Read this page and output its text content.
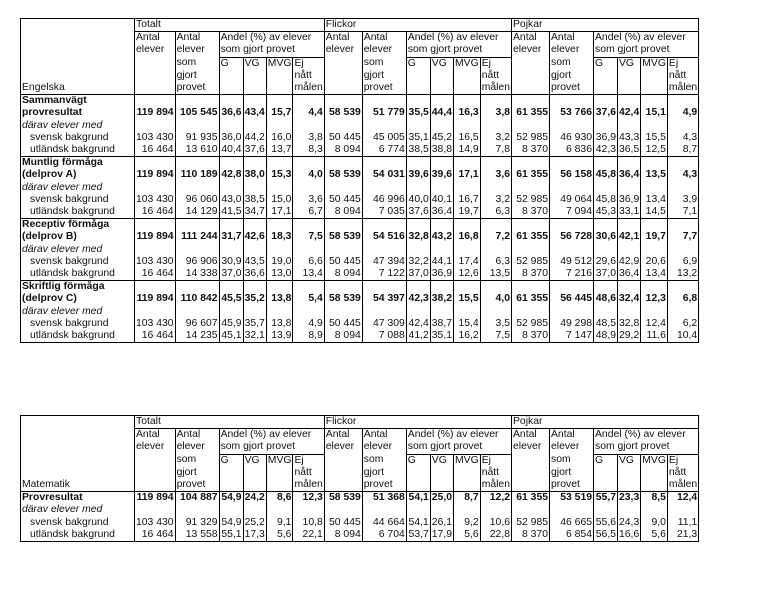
	Totalt						Flickor						Pojkar					
Engelska	Antal	Antal	Andel (%) av elever				Antal	Antal	Andel (%) av elever				Antal	Antal	Andel (%) av elever			
	elever	elever	som gjort provet				elever	elever	som gjort provet				elever	elever	som gjort provet			
		som	G	VG	MVG	Ej		som	G	VG	MVG	Ej		som	G	VG	MVG	Ej
		gjort				nått		gjort				nått		gjort				nått
		provet				målen		provet				målen		provet				målen
Sammanvägt																		
provresultat	119 894	105 545	36,6	43,4	15,7	4,4	58 539	51 779	35,5	44,4	16,3	3,8	61 355	53 766	37,6	42,4	15,1	4,9
därav elever med																		
svensk bakgrund	103 430	91 935	36,0	44,2	16,0	3,8	50 445	45 005	35,1	45,2	16,5	3,2	52 985	46 930	36,9	43,3	15,5	4,3
utländsk bakgrund	16 464	13 610	40,4	37,6	13,7	8,3	8 094	6 774	38,5	38,8	14,9	7,8	8 370	6 836	42,3	36,5	12,5	8,7
Muntlig förmåga																		
(delprov A)	119 894	110 189	42,8	38,0	15,3	4,0	58 539	54 031	39,6	39,6	17,1	3,6	61 355	56 158	45,8	36,4	13,5	4,3
därav elever med																		
svensk bakgrund	103 430	96 060	43,0	38,5	15,0	3,6	50 445	46 996	40,0	40,1	16,7	3,2	52 985	49 064	45,8	36,9	13,4	3,9
utländsk bakgrund	16 464	14 129	41,5	34,7	17,1	6,7	8 094	7 035	37,6	36,4	19,7	6,3	8 370	7 094	45,3	33,1	14,5	7,1
Receptiv förmåga																		
(delprov B)	119 894	111 244	31,7	42,6	18,3	7,5	58 539	54 516	32,8	43,2	16,8	7,2	61 355	56 728	30,6	42,1	19,7	7,7
därav elever med																		
svensk bakgrund	103 430	96 906	30,9	43,5	19,0	6,6	50 445	47 394	32,2	44,1	17,4	6,3	52 985	49 512	29,6	42,9	20,6	6,9
utländsk bakgrund	16 464	14 338	37,0	36,6	13,0	13,4	8 094	7 122	37,0	36,9	12,6	13,5	8 370	7 216	37,0	36,4	13,4	13,2
Skriftlig förmåga																		
(delprov C)	119 894	110 842	45,5	35,2	13,8	5,4	58 539	54 397	42,3	38,2	15,5	4,0	61 355	56 445	48,6	32,4	12,3	6,8
därav elever med																		
svensk bakgrund	103 430	96 607	45,9	35,7	13,8	4,9	50 445	47 309	42,4	38,7	15,4	3,5	52 985	49 298	48,5	32,8	12,4	6,2
utländsk bakgrund	16 464	14 235	45,1	32,1	13,9	8,9	8 094	7 088	41,2	35,1	16,2	7,5	8 370	7 147	48,9	29,2	11,6	10,4

	Totalt						Flickor						Pojkar					
Matematik	Antal	Antal	Andel (%) av elever				Antal	Antal	Andel (%) av elever				Antal	Antal	Andel (%) av elever			
	elever	elever	som gjort provet				elever	elever	som gjort provet				elever	elever	som gjort provet			
		som	G	VG	MVG	Ej		som	G	VG	MVG	Ej		som	G	VG	MVG	Ej
		gjort				nått		gjort				nått		gjort				nått
		provet				målen		provet				målen		provet				målen
Provresultat	119 894	104 887	54,9	24,2	8,6	12,3	58 539	51 368	54,1	25,0	8,7	12,2	61 355	53 519	55,7	23,3	8,5	12,4
därav elever med																		
svensk bakgrund	103 430	91 329	54,9	25,2	9,1	10,8	50 445	44 664	54,1	26,1	9,2	10,6	52 985	46 665	55,6	24,3	9,0	11,1
utländsk bakgrund	16 464	13 558	55,1	17,3	5,6	22,1	8 094	6 704	53,7	17,9	5,6	22,8	8 370	6 854	56,5	16,6	5,6	21,3
